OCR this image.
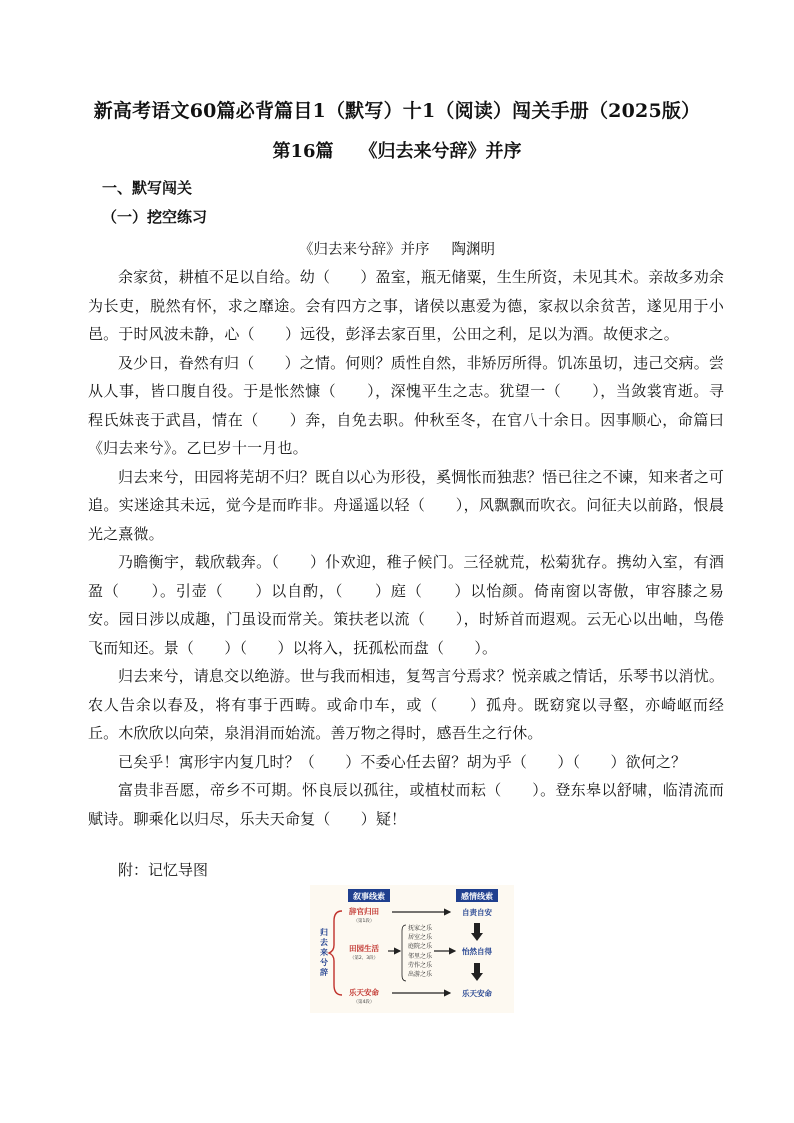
新高考语文60篇必背篇目1（默写）十1（阅读）闯关手册（2025版）
第16篇 《归去来兮辞》并序
一、默写闯关
（一）挖空练习
《归去来兮辞》并序 陶渊明

余家贫，耕植不足以自给。幼（　　）盈室，瓶无储粟，生生所资，未见其术。亲故多劝余为长吏，脱然有怀，求之靡途。会有四方之事，诸侯以惠爱为德，家叔以余贫苦，遂见用于小邑。于时风波未静，心（　　）远役，彭泽去家百里，公田之利，足以为酒。故便求之。

及少日，眷然有归（　　）之情。何则？质性自然，非矫厉所得。饥冻虽切，违己交病。尝从人事，皆口腹自役。于是怅然慷（　　），深愧平生之志。犹望一（　　），当敛裳宵逝。寻程氏妹丧于武昌，情在（　　）奔，自免去职。仲秋至冬，在官八十余日。因事顺心，命篇曰《归去来兮》。乙巳岁十一月也。

归去来兮，田园将芜胡不归？既自以心为形役，奚惆怅而独悲？悟已往之不谏，知来者之可追。实迷途其未远，觉今是而昨非。舟遥遥以轻（　　），风飘飘而吹衣。问征夫以前路，恨晨光之熹微。

乃瞻衡宇，载欣载奔。（　　）仆欢迎，稚子候门。三径就荒，松菊犹存。携幼入室，有酒盈（　　）。引壶（　　）以自酌，（　　）庭（　　）以怡颜。倚南窗以寄傲，审容膝之易安。园日涉以成趣，门虽设而常关。策扶老以流（　　），时矫首而遐观。云无心以出岫，鸟倦飞而知还。景（　　）（　　）以将入，抚孤松而盘（　　）。

归去来兮，请息交以绝游。世与我而相违，复驾言兮焉求？悦亲戚之情话，乐琴书以消忧。农人告余以春及，将有事于西畴。或命巾车，或（　　）孤舟。既窈窕以寻壑，亦崎岖而经丘。木欣欣以向荣，泉涓涓而始流。善万物之得时，感吾生之行休。

已矣乎！寓形宇内复几时？（　　）不委心任去留？胡为乎（　　）（　　）欲何之？

富贵非吾愿，帝乡不可期。怀良辰以孤往，或植杖而耘（　　）。登东皋以舒啸，临清流而赋诗。聊乘化以归尽，乐夫天命复（　　）疑！

附：记忆导图
叙事线索	感情线索
归
去
来
兮
辞
辞官归田
（第1段）
田园生活
（第2、3段）
乐天安命
（第4段）
抚家之乐
居室之乐
庭院之乐
邻里之乐
劳作之乐
出游之乐
自责自安
怡然自得
乐天安命
